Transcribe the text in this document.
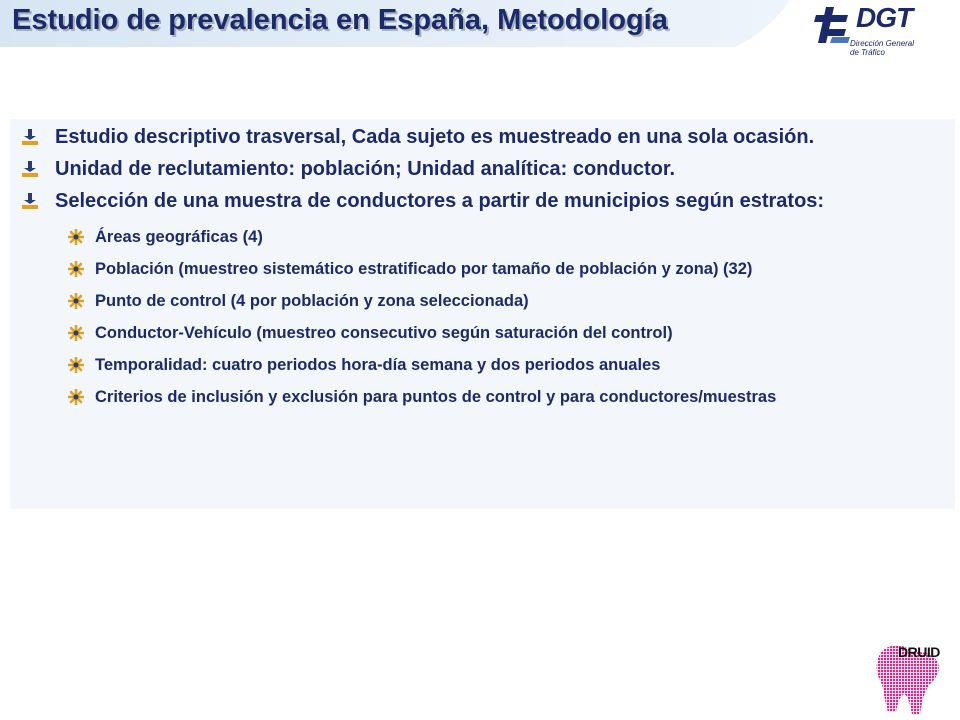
Estudio de prevalencia en España, Metodología	DGT
Dirección General
de Tráfico
Estudio descriptivo trasversal, Cada sujeto es muestreado en una sola ocasión.
Unidad de reclutamiento: población; Unidad analítica: conductor.
Selección de una muestra de conductores a partir de municipios según estratos:
Áreas geográficas (4)
Población (muestreo sistemático estratificado por tamaño de población y zona) (32)
Punto de control (4 por población y zona seleccionada)
Conductor-Vehículo (muestreo consecutivo según saturación del control)
Temporalidad: cuatro periodos hora-día semana y dos periodos anuales
Criterios de inclusión y exclusión para puntos de control y para conductores/muestras
DRUID
